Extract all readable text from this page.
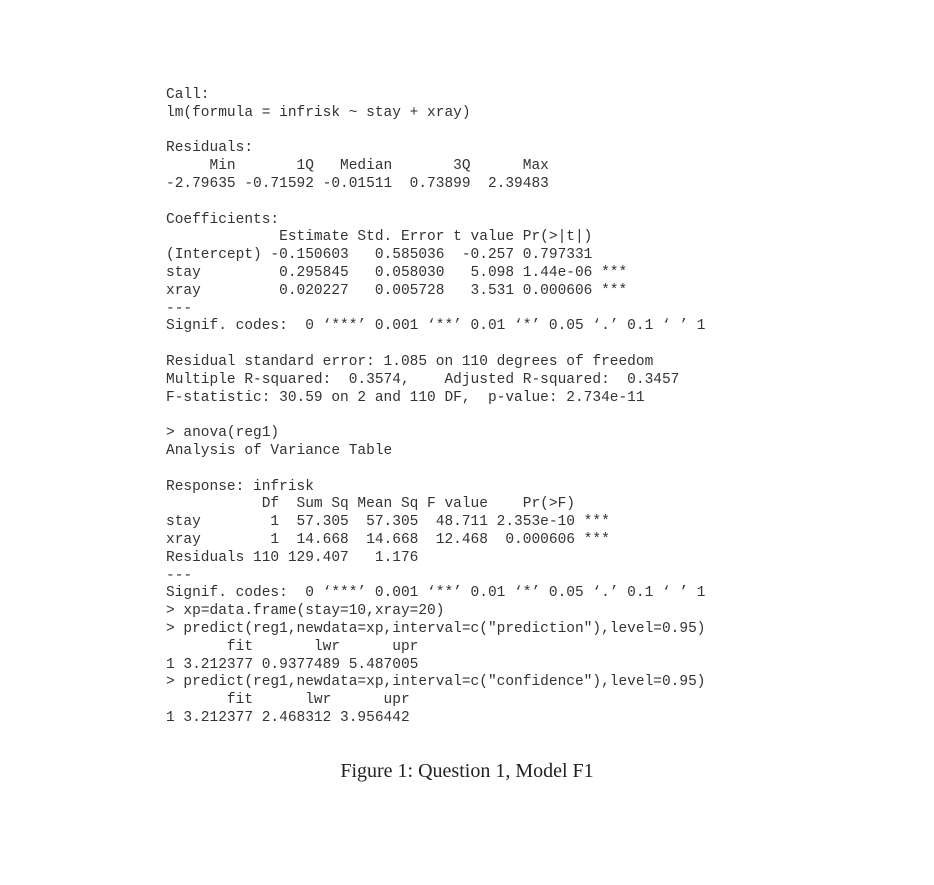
Call:
lm(formula = infrisk ~ stay + xray)
Residuals:
Min       1Q   Median       3Q      Max
-2.79635 -0.71592 -0.01511  0.73899  2.39483
Coefficients:
Estimate Std. Error t value Pr(>|t|)
(Intercept) -0.150603   0.585036  -0.257 0.797331
stay         0.295845   0.058030   5.098 1.44e-06 ***
xray         0.020227   0.005728   3.531 0.000606 ***
---
Signif. codes:  0 ‘***’ 0.001 ‘**’ 0.01 ‘*’ 0.05 ‘.’ 0.1 ‘ ’ 1
Residual standard error: 1.085 on 110 degrees of freedom
Multiple R-squared:  0.3574,    Adjusted R-squared:  0.3457
F-statistic: 30.59 on 2 and 110 DF,  p-value: 2.734e-11
> anova(reg1)
Analysis of Variance Table
Response: infrisk
Df  Sum Sq Mean Sq F value    Pr(>F)
stay        1  57.305  57.305  48.711 2.353e-10 ***
xray        1  14.668  14.668  12.468  0.000606 ***
Residuals 110 129.407   1.176
---
Signif. codes:  0 ‘***’ 0.001 ‘**’ 0.01 ‘*’ 0.05 ‘.’ 0.1 ‘ ’ 1
> xp=data.frame(stay=10,xray=20)
> predict(reg1,newdata=xp,interval=c("prediction"),level=0.95)
fit       lwr      upr
1 3.212377 0.9377489 5.487005
> predict(reg1,newdata=xp,interval=c("confidence"),level=0.95)
fit      lwr      upr
1 3.212377 2.468312 3.956442
Figure 1: Question 1, Model F1
